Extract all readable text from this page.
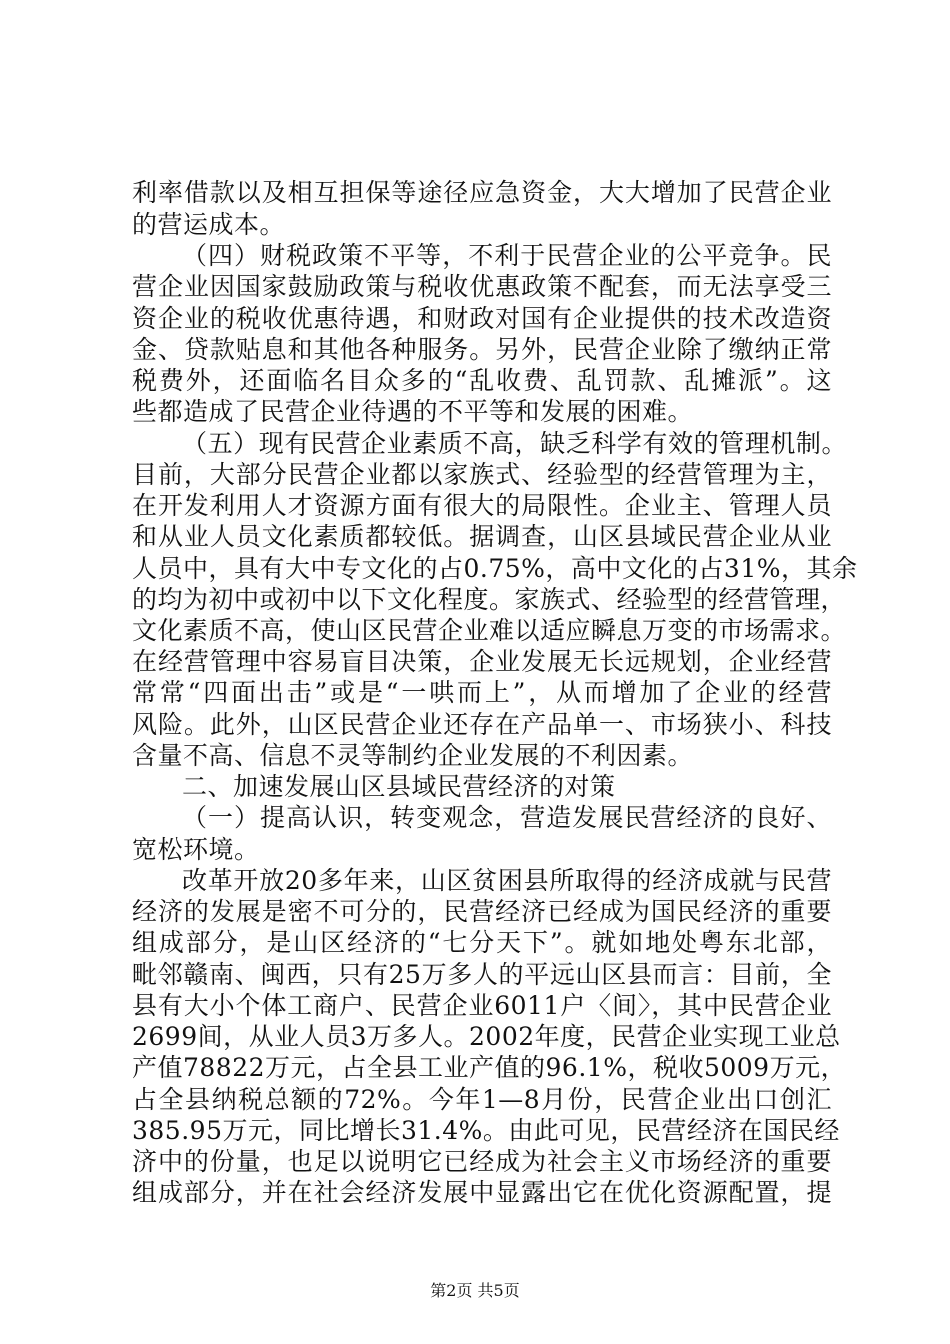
利率借款以及相互担保等途径应急资金，大大增加了民营企业
的营运成本。
（四）财税政策不平等，不利于民营企业的公平竞争。民
营企业因国家鼓励政策与税收优惠政策不配套，而无法享受三
资企业的税收优惠待遇，和财政对国有企业提供的技术改造资
金、贷款贴息和其他各种服务。另外，民营企业除了缴纳正常
税费外，还面临名目众多的“乱收费、乱罚款、乱摊派”。这
些都造成了民营企业待遇的不平等和发展的困难。
（五）现有民营企业素质不高，缺乏科学有效的管理机制。
目前，大部分民营企业都以家族式、经验型的经营管理为主，
在开发利用人才资源方面有很大的局限性。企业主、管理人员
和从业人员文化素质都较低。据调查，山区县域民营企业从业
人员中，具有大中专文化的占0.75%，高中文化的占31%，其余
的均为初中或初中以下文化程度。家族式、经验型的经营管理，
文化素质不高，使山区民营企业难以适应瞬息万变的市场需求。
在经营管理中容易盲目决策，企业发展无长远规划，企业经营
常常“四面出击”或是“一哄而上”，从而增加了企业的经营
风险。此外，山区民营企业还存在产品单一、市场狭小、科技
含量不高、信息不灵等制约企业发展的不利因素。
二、加速发展山区县域民营经济的对策
（一）提高认识，转变观念，营造发展民营经济的良好、
宽松环境。
改革开放20多年来，山区贫困县所取得的经济成就与民营
经济的发展是密不可分的，民营经济已经成为国民经济的重要
组成部分，是山区经济的“七分天下”。就如地处粤东北部，
毗邻赣南、闽西，只有25万多人的平远山区县而言：目前，全
县有大小个体工商户、民营企业6011户〈间〉，其中民营企业
2699间，从业人员3万多人。2002年度，民营企业实现工业总
产值78822万元，占全县工业产值的96.1%，税收5009万元，
占全县纳税总额的72%。今年1—8月份，民营企业出口创汇
385.95万元，同比增长31.4%。由此可见，民营经济在国民经
济中的份量，也足以说明它已经成为社会主义市场经济的重要
组成部分，并在社会经济发展中显露出它在优化资源配置，提
第2页 共5页
